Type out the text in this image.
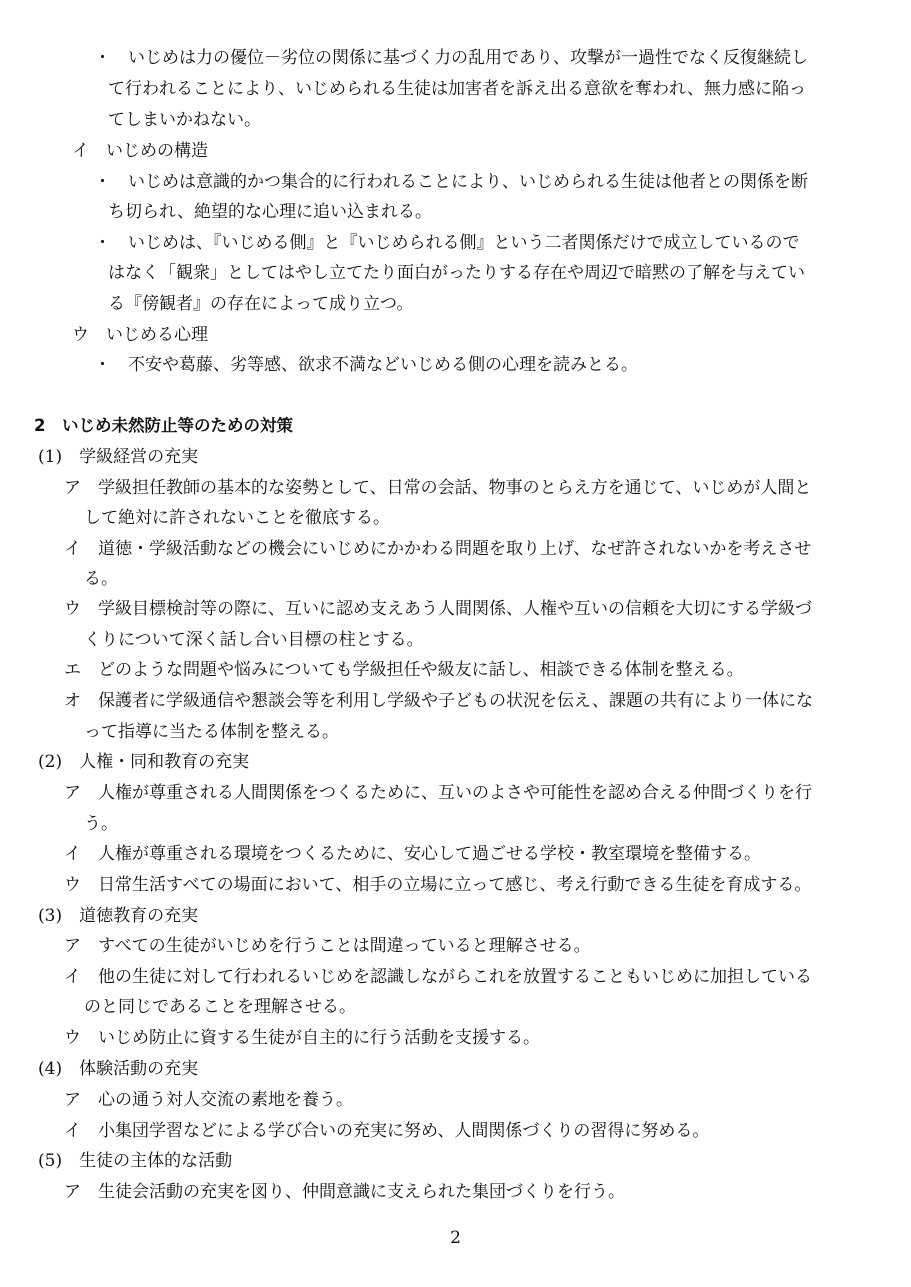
・　いじめは力の優位－劣位の関係に基づく力の乱用であり、攻撃が一過性でなく反復継続し
て行われることにより、いじめられる生徒は加害者を訴え出る意欲を奪われ、無力感に陥っ
てしまいかねない。
イ　いじめの構造
・　いじめは意識的かつ集合的に行われることにより、いじめられる生徒は他者との関係を断
ち切られ、絶望的な心理に追い込まれる。
・　いじめは、『いじめる側』と『いじめられる側』という二者関係だけで成立しているので
はなく「観衆」としてはやし立てたり面白がったりする存在や周辺で暗黙の了解を与えてい
る『傍観者』の存在によって成り立つ。
ウ　いじめる心理
・　不安や葛藤、劣等感、欲求不満などいじめる側の心理を読みとる。
2　いじめ未然防止等のための対策
(1)　学級経営の充実
ア　学級担任教師の基本的な姿勢として、日常の会話、物事のとらえ方を通じて、いじめが人間と
して絶対に許されないことを徹底する。
イ　道徳・学級活動などの機会にいじめにかかわる問題を取り上げ、なぜ許されないかを考えさせ
る。
ウ　学級目標検討等の際に、互いに認め支えあう人間関係、人権や互いの信頼を大切にする学級づ
くりについて深く話し合い目標の柱とする。
エ　どのような問題や悩みについても学級担任や級友に話し、相談できる体制を整える。
オ　保護者に学級通信や懇談会等を利用し学級や子どもの状況を伝え、課題の共有により一体にな
って指導に当たる体制を整える。
(2)　人権・同和教育の充実
ア　人権が尊重される人間関係をつくるために、互いのよさや可能性を認め合える仲間づくりを行
う。
イ　人権が尊重される環境をつくるために、安心して過ごせる学校・教室環境を整備する。
ウ　日常生活すべての場面において、相手の立場に立って感じ、考え行動できる生徒を育成する。
(3)　道徳教育の充実
ア　すべての生徒がいじめを行うことは間違っていると理解させる。
イ　他の生徒に対して行われるいじめを認識しながらこれを放置することもいじめに加担している
のと同じであることを理解させる。
ウ　いじめ防止に資する生徒が自主的に行う活動を支援する。
(4)　体験活動の充実
ア　心の通う対人交流の素地を養う。
イ　小集団学習などによる学び合いの充実に努め、人間関係づくりの習得に努める。
(5)　生徒の主体的な活動
ア　生徒会活動の充実を図り、仲間意識に支えられた集団づくりを行う。
2
